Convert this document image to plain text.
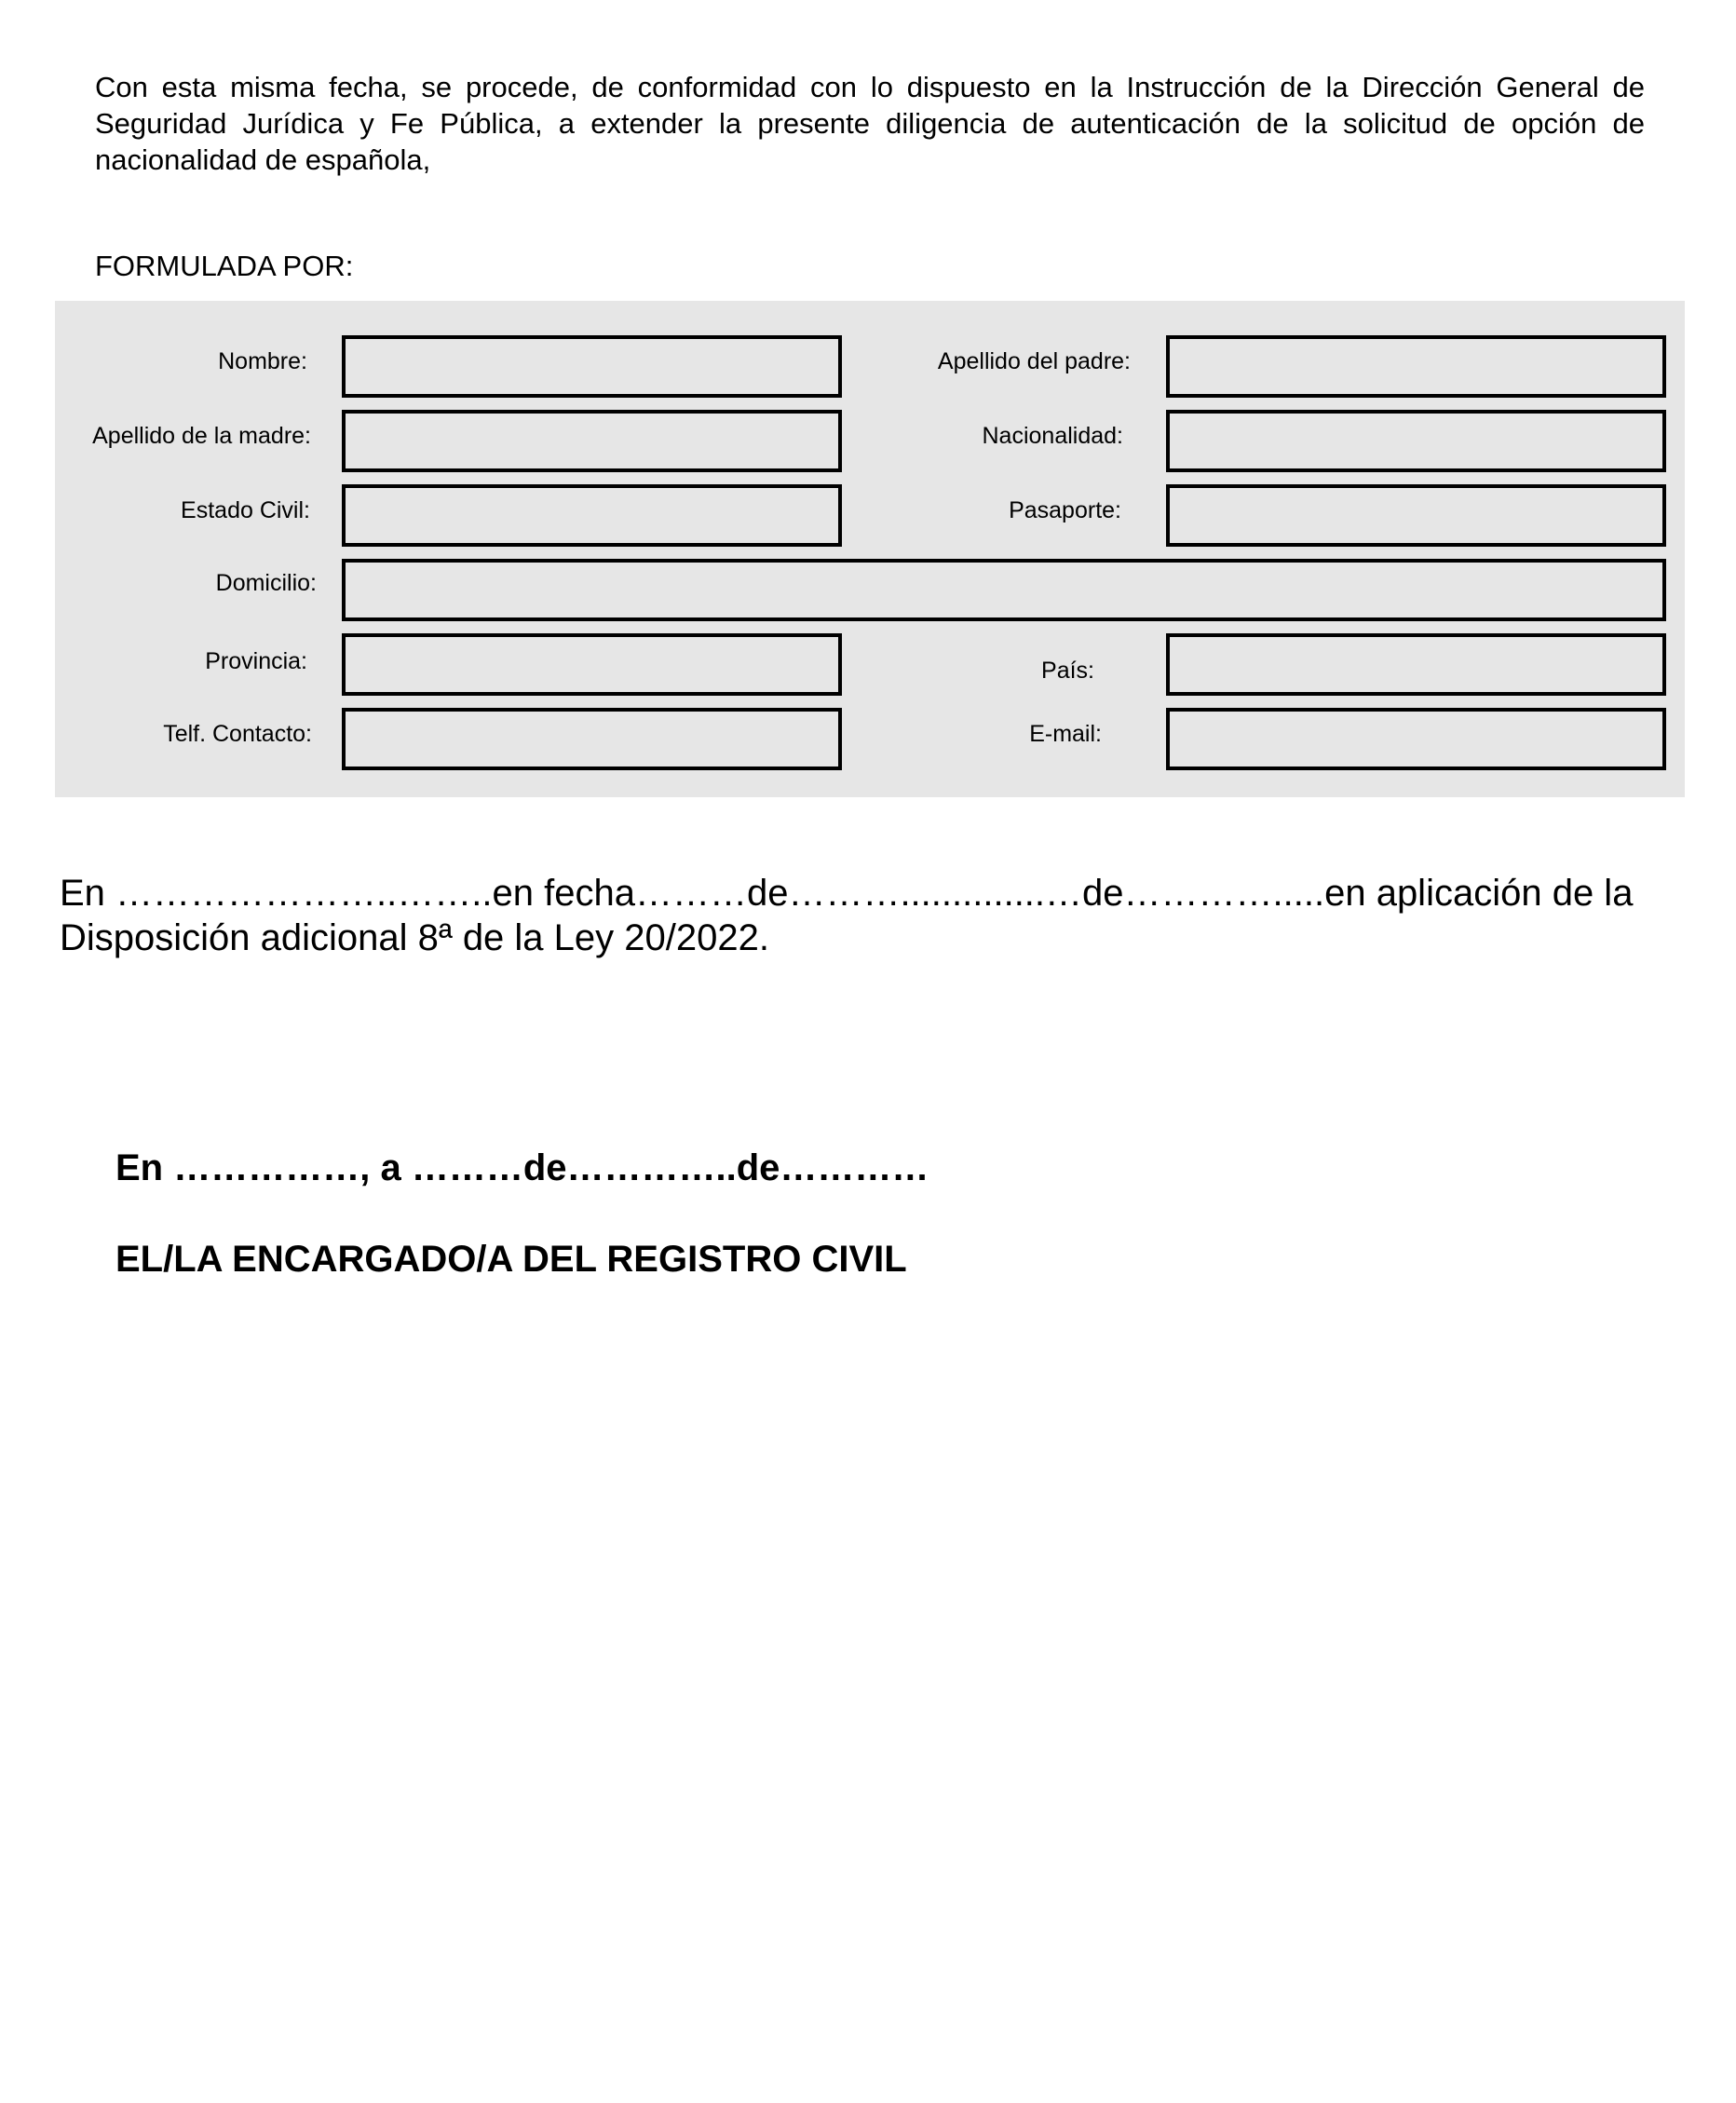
Con esta misma fecha, se procede, de conformidad con lo dispuesto en la Instrucción de la Dirección General de Seguridad Jurídica y Fe Pública, a extender la presente diligencia de autenticación de la solicitud de opción de nacionalidad de española,

FORMULADA POR:

Nombre:	Apellido del padre:
Apellido de la madre:	Nacionalidad:
Estado Civil:	Pasaporte:
Domicilio:
Provincia:	País:
Telf. Contacto:	E-mail:

En …………………..……..en fecha………de………..............…de………….....en aplicación de la Disposición adicional 8ª de la Ley 20/2022.

En ……………, a ………de…………..de…………

EL/LA ENCARGADO/A DEL REGISTRO CIVIL
